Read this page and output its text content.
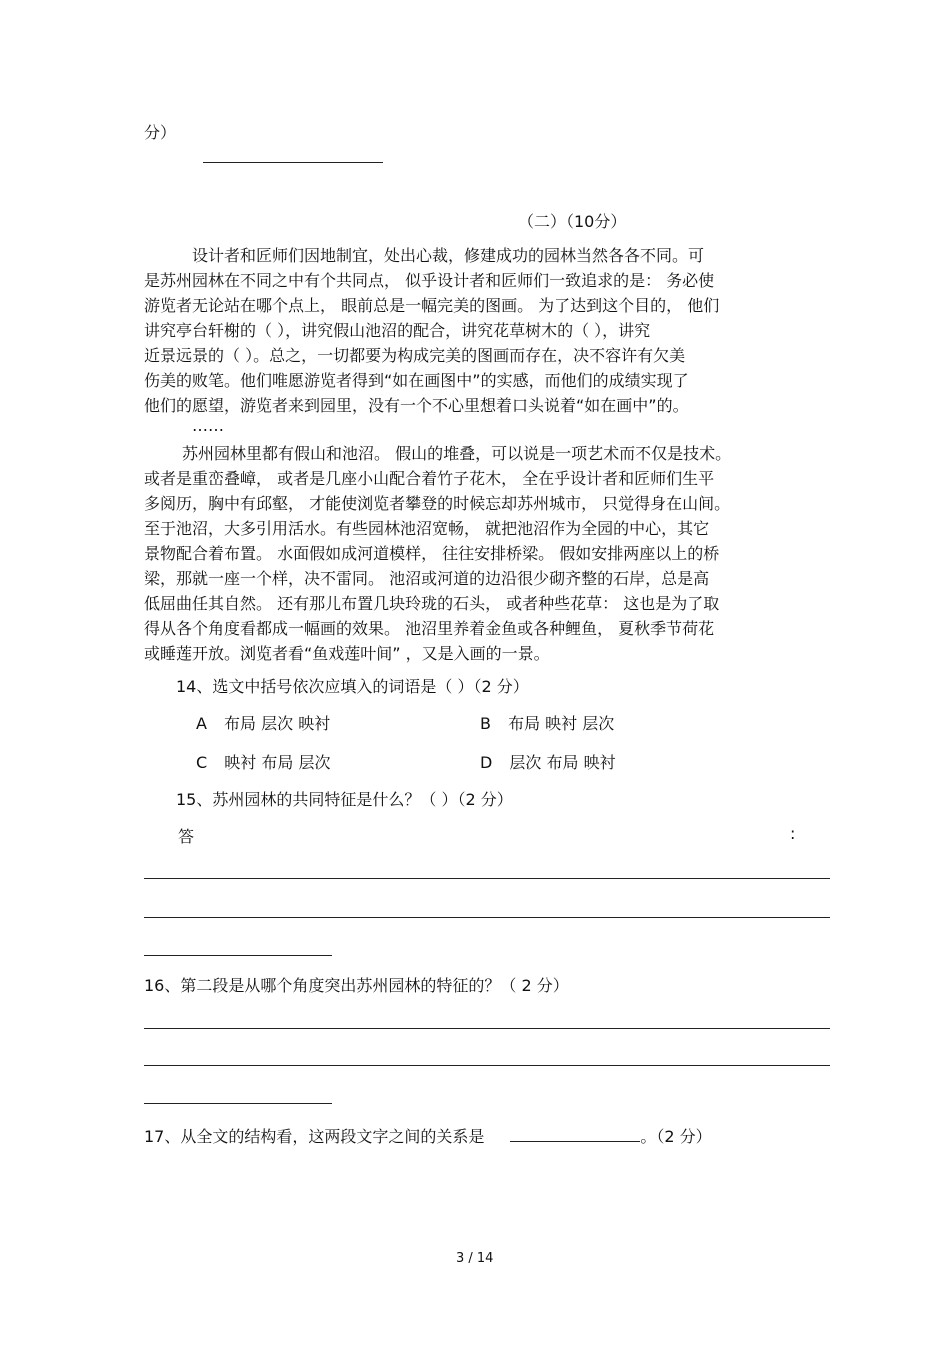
分）
（二）（10分）
设计者和匠师们因地制宜，处出心裁，修建成功的园林当然各各不同。可
是苏州园林在不同之中有个共同点， 似乎设计者和匠师们一致追求的是： 务必使
游览者无论站在哪个点上， 眼前总是一幅完美的图画。 为了达到这个目的， 他们
讲究亭台轩榭的（ ），讲究假山池沼的配合，讲究花草树木的（ ），讲究
近景远景的（ ）。总之，一切都要为构成完美的图画而存在，决不容许有欠美
伤美的败笔。他们唯愿游览者得到“如在画图中”的实感，而他们的成绩实现了
他们的愿望，游览者来到园里，没有一个不心里想着口头说着“如在画中”的。
……
苏州园林里都有假山和池沼。 假山的堆叠，可以说是一项艺术而不仅是技术。
或者是重峦叠嶂， 或者是几座小山配合着竹子花木， 全在乎设计者和匠师们生平
多阅历，胸中有邱壑， 才能使浏览者攀登的时候忘却苏州城市， 只觉得身在山间。
至于池沼，大多引用活水。有些园林池沼宽畅， 就把池沼作为全园的中心，其它
景物配合着布置。 水面假如成河道模样， 往往安排桥梁。 假如安排两座以上的桥
梁，那就一座一个样，决不雷同。 池沼或河道的边沿很少砌齐整的石岸，总是高
低屈曲任其自然。 还有那儿布置几块玲珑的石头， 或者种些花草： 这也是为了取
得从各个角度看都成一幅画的效果。 池沼里养着金鱼或各种鲤鱼， 夏秋季节荷花
或睡莲开放。浏览者看“鱼戏莲叶间” ，又是入画的一景。
14、选文中括号依次应填入的词语是（ ）（2 分）
A 布局 层次 映衬	B 布局 映衬 层次
C 映衬 布局 层次	D 层次 布局 映衬
15、苏州园林的共同特征是什么？（ ）（2 分）
答	:
16、第二段是从哪个角度突出苏州园林的特征的？（ 2 分）
17、从全文的结构看，这两段文字之间的关系是	。（2 分）
3 / 14
